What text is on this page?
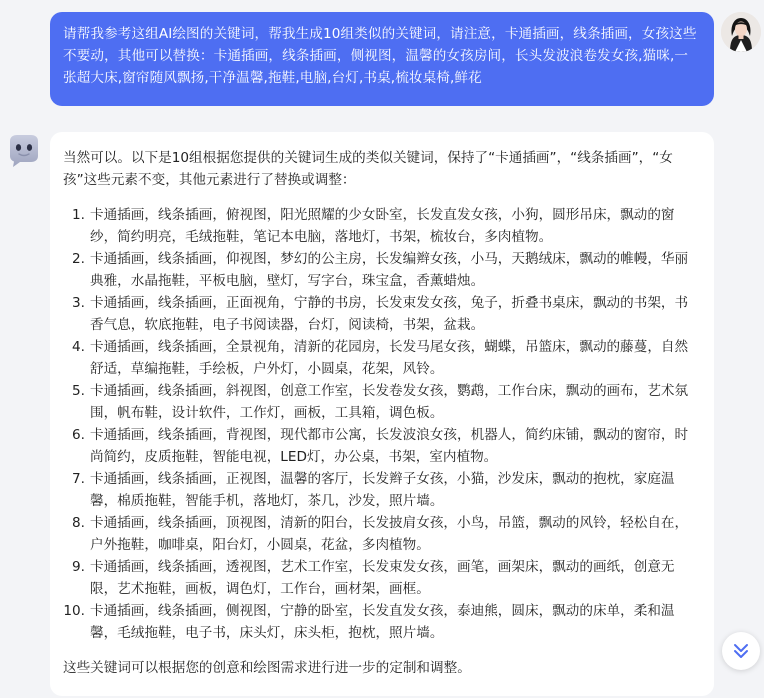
请帮我参考这组AI绘图的关键词，帮我生成10组类似的关键词，请注意，卡通插画，线条插画，女孩这些不要动，其他可以替换：卡通插画，线条插画，侧视图，温馨的女孩房间，长头发波浪卷发女孩,猫咪,一张超大床,窗帘随风飘扬,干净温馨,拖鞋,电脑,台灯,书桌,梳妆桌椅,鲜花

当然可以。以下是10组根据您提供的关键词生成的类似关键词，保持了“卡通插画”，“线条插画”，“女孩”这些元素不变，其他元素进行了替换或调整：

1. 卡通插画，线条插画，俯视图，阳光照耀的少女卧室，长发直发女孩，小狗，圆形吊床，飘动的窗纱，简约明亮，毛绒拖鞋，笔记本电脑，落地灯，书架，梳妆台，多肉植物。
2. 卡通插画，线条插画，仰视图，梦幻的公主房，长发编辫女孩，小马，天鹅绒床，飘动的帷幔，华丽典雅，水晶拖鞋，平板电脑，壁灯，写字台，珠宝盒，香薰蜡烛。
3. 卡通插画，线条插画，正面视角，宁静的书房，长发束发女孩，兔子，折叠书桌床，飘动的书架，书香气息，软底拖鞋，电子书阅读器，台灯，阅读椅，书架，盆栽。
4. 卡通插画，线条插画，全景视角，清新的花园房，长发马尾女孩，蝴蝶，吊篮床，飘动的藤蔓，自然舒适，草编拖鞋，手绘板，户外灯，小圆桌，花架，风铃。
5. 卡通插画，线条插画，斜视图，创意工作室，长发卷发女孩，鹦鹉，工作台床，飘动的画布，艺术氛围，帆布鞋，设计软件，工作灯，画板，工具箱，调色板。
6. 卡通插画，线条插画，背视图，现代都市公寓，长发波浪女孩，机器人，简约床铺，飘动的窗帘，时尚简约，皮质拖鞋，智能电视，LED灯，办公桌，书架，室内植物。
7. 卡通插画，线条插画，正视图，温馨的客厅，长发辫子女孩，小猫，沙发床，飘动的抱枕，家庭温馨，棉质拖鞋，智能手机，落地灯，茶几，沙发，照片墙。
8. 卡通插画，线条插画，顶视图，清新的阳台，长发披肩女孩，小鸟，吊篮，飘动的风铃，轻松自在，户外拖鞋，咖啡桌，阳台灯，小圆桌，花盆，多肉植物。
9. 卡通插画，线条插画，透视图，艺术工作室，长发束发女孩，画笔，画架床，飘动的画纸，创意无限，艺术拖鞋，画板，调色灯，工作台，画材架，画框。
10. 卡通插画，线条插画，侧视图，宁静的卧室，长发直发女孩，泰迪熊，圆床，飘动的床单，柔和温馨，毛绒拖鞋，电子书，床头灯，床头柜，抱枕，照片墙。

这些关键词可以根据您的创意和绘图需求进行进一步的定制和调整。
